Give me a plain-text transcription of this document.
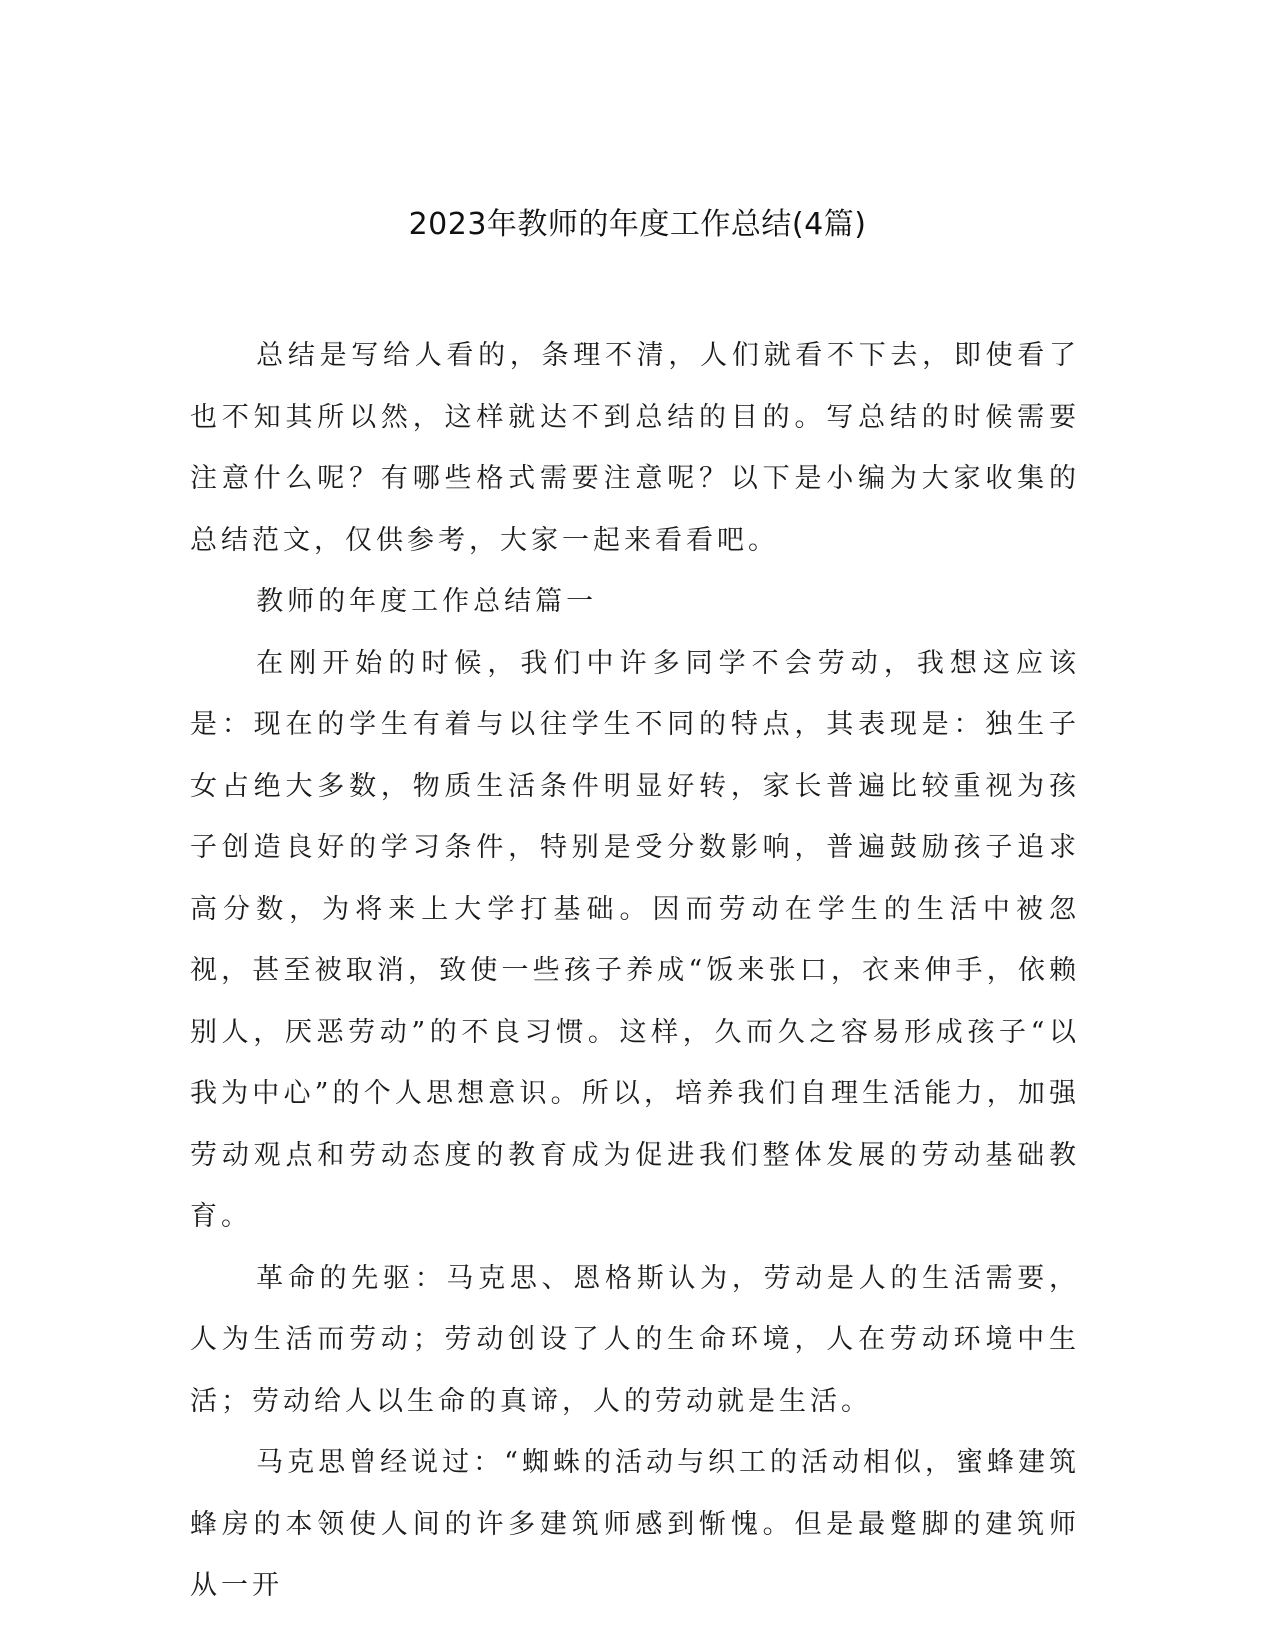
2023年教师的年度工作总结(4篇)

总结是写给人看的，条理不清，人们就看不下去，即使看了也不知其所以然，这样就达不到总结的目的。写总结的时候需要注意什么呢？有哪些格式需要注意呢？以下是小编为大家收集的总结范文，仅供参考，大家一起来看看吧。

教师的年度工作总结篇一

在刚开始的时候，我们中许多同学不会劳动，我想这应该是：现在的学生有着与以往学生不同的特点，其表现是：独生子女占绝大多数，物质生活条件明显好转，家长普遍比较重视为孩子创造良好的学习条件，特别是受分数影响，普遍鼓励孩子追求高分数，为将来上大学打基础。因而劳动在学生的生活中被忽视，甚至被取消，致使一些孩子养成“饭来张口，衣来伸手，依赖别人，厌恶劳动”的不良习惯。这样，久而久之容易形成孩子“以我为中心”的个人思想意识。所以，培养我们自理生活能力，加强劳动观点和劳动态度的教育成为促进我们整体发展的劳动基础教育。

革命的先驱：马克思、恩格斯认为，劳动是人的生活需要，人为生活而劳动；劳动创设了人的生命环境，人在劳动环境中生活；劳动给人以生命的真谛，人的劳动就是生活。

马克思曾经说过：“蜘蛛的活动与织工的活动相似，蜜蜂建筑蜂房的本领使人间的许多建筑师感到惭愧。但是最蹩脚的建筑师从一开
